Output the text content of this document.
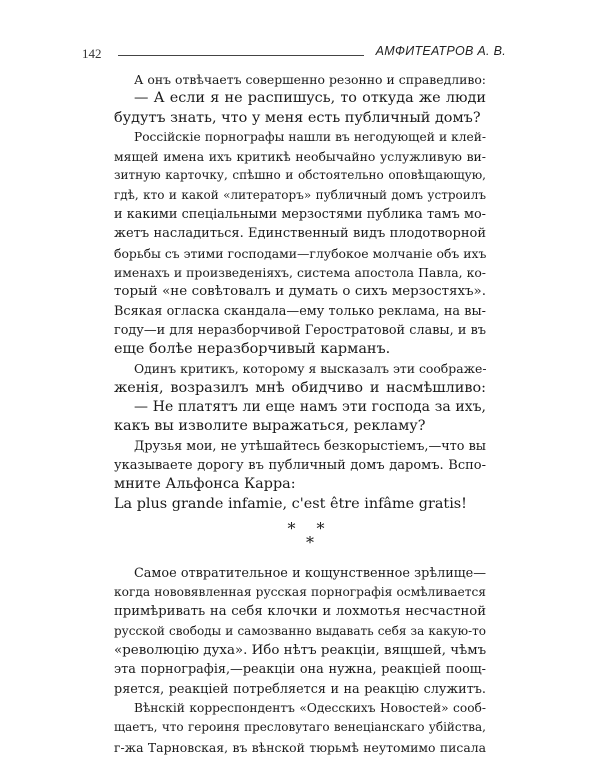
142	АМФИТЕАТРОВ А. В.
А онъ отвѣчаетъ совершенно резонно и справедливо:
— А если я не распишусь, то откуда же люди
будутъ знать, что у меня есть публичный домъ?
Россійскіе порнографы нашли въ негодующей и клей-
мящей имена ихъ критикѣ необычайно услужливую ви-
зитную карточку, спѣшно и обстоятельно оповѣщающую,
гдѣ, кто и какой «литераторъ» публичный домъ устроилъ
и какими спеціальными мерзостями публика тамъ мо-
жетъ насладиться. Единственный видъ плодотворной
борьбы съ этими господами—глубокое молчаніе объ ихъ
именахъ и произведеніяхъ, система апостола Павла, ко-
торый «не совѣтовалъ и думать о сихъ мерзостяхъ».
Всякая огласка скандала—ему только реклама, на вы-
году—и для неразборчивой Геростратовой славы, и въ
еще болѣе неразборчивый карманъ.
Одинъ критикъ, которому я высказалъ эти соображе-
женія, возразилъ мнѣ обидчиво и насмѣшливо:
— Не платятъ ли еще намъ эти господа за ихъ,
какъ вы изволите выражаться, рекламу?
Друзья мои, не утѣшайтесь безкорыстіемъ,—что вы
указываете дорогу въ публичный домъ даромъ. Вспо-
мните Альфонса Карра:
La plus grande infamie, c'est être infâme gratis!
* *
*
Самое отвратительное и кощунственное зрѣлище—
когда нововявленная русская порнографія осмѣливается
примѣривать на себя клочки и лохмотья несчастной
русской свободы и самозванно выдавать себя за какую-то
«революцію духа». Ибо нѣтъ реакціи, вящшей, чѣмъ
эта порнографія,—реакціи она нужна, реакціей поощ-
ряется, реакціей потребляется и на реакцію служитъ.
Вѣнскій корреспондентъ «Одесскихъ Новостей» сооб-
щаетъ, что героиня пресловутаго венеціанскаго убійства,
г-жа Тарновская, въ вѣнской тюрьмѣ неутомимо писала
